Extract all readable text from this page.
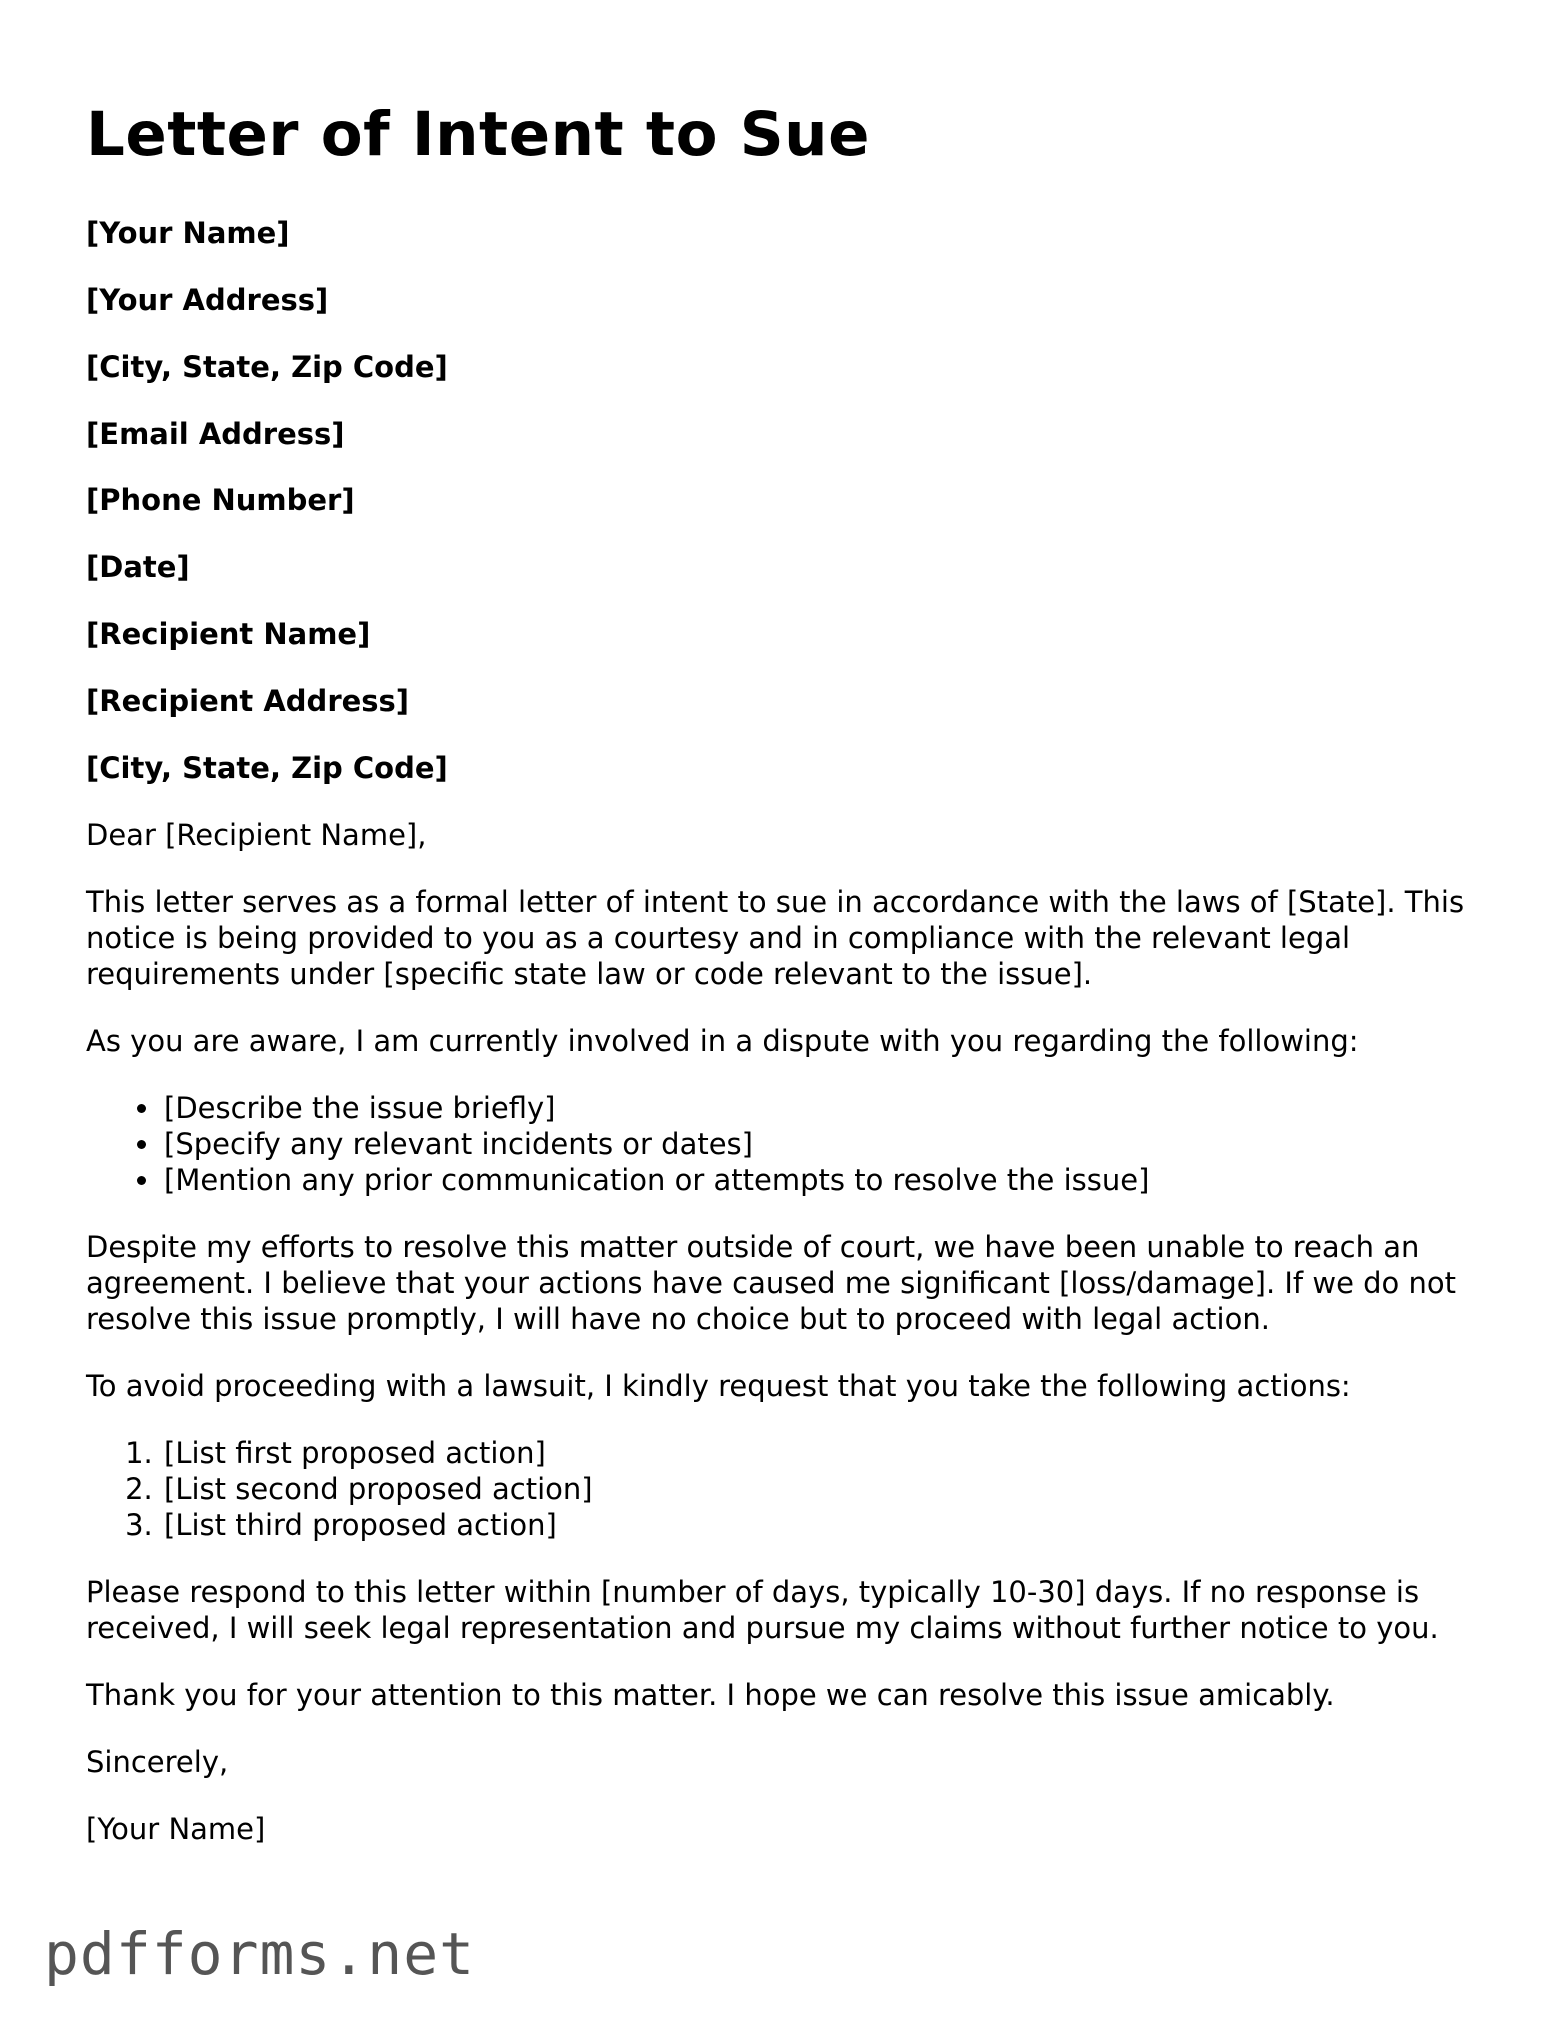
Letter of Intent to Sue
[Your Name]
[Your Address]
[City, State, Zip Code]
[Email Address]
[Phone Number]
[Date]
[Recipient Name]
[Recipient Address]
[City, State, Zip Code]
Dear [Recipient Name],
This letter serves as a formal letter of intent to sue in accordance with the laws of [State]. This notice is being provided to you as a courtesy and in compliance with the relevant legal requirements under [specific state law or code relevant to the issue].
As you are aware, I am currently involved in a dispute with you regarding the following:
• [Describe the issue briefly]
• [Specify any relevant incidents or dates]
• [Mention any prior communication or attempts to resolve the issue]
Despite my efforts to resolve this matter outside of court, we have been unable to reach an agreement. I believe that your actions have caused me significant [loss/damage]. If we do not resolve this issue promptly, I will have no choice but to proceed with legal action.
To avoid proceeding with a lawsuit, I kindly request that you take the following actions:
1. [List first proposed action]
2. [List second proposed action]
3. [List third proposed action]
Please respond to this letter within [number of days, typically 10-30] days. If no response is received, I will seek legal representation and pursue my claims without further notice to you.
Thank you for your attention to this matter. I hope we can resolve this issue amicably.
Sincerely,
[Your Name]
pdfforms.net
